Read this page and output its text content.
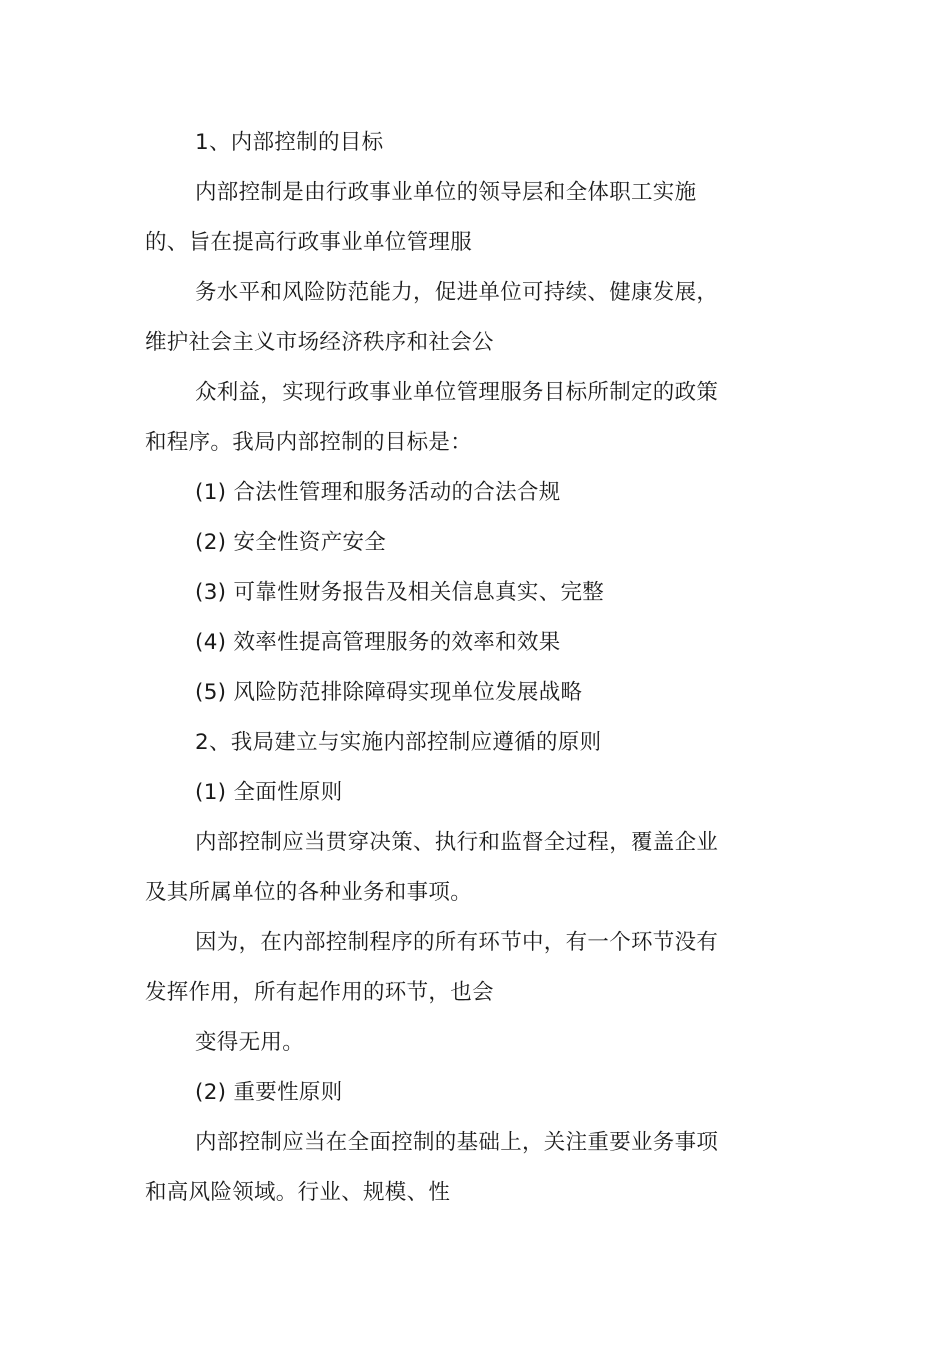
1、内部控制的目标
内部控制是由行政事业单位的领导层和全体职工实施
的、旨在提高行政事业单位管理服
务水平和风险防范能力，促进单位可持续、健康发展，
维护社会主义市场经济秩序和社会公
众利益，实现行政事业单位管理服务目标所制定的政策
和程序。我局内部控制的目标是：
(1) 合法性管理和服务活动的合法合规
(2) 安全性资产安全
(3) 可靠性财务报告及相关信息真实、完整
(4) 效率性提高管理服务的效率和效果
(5) 风险防范排除障碍实现单位发展战略
2、我局建立与实施内部控制应遵循的原则
(1) 全面性原则
内部控制应当贯穿决策、执行和监督全过程，覆盖企业
及其所属单位的各种业务和事项。
因为，在内部控制程序的所有环节中，有一个环节没有
发挥作用，所有起作用的环节，也会
变得无用。
(2) 重要性原则
内部控制应当在全面控制的基础上，关注重要业务事项
和高风险领域。行业、规模、性
